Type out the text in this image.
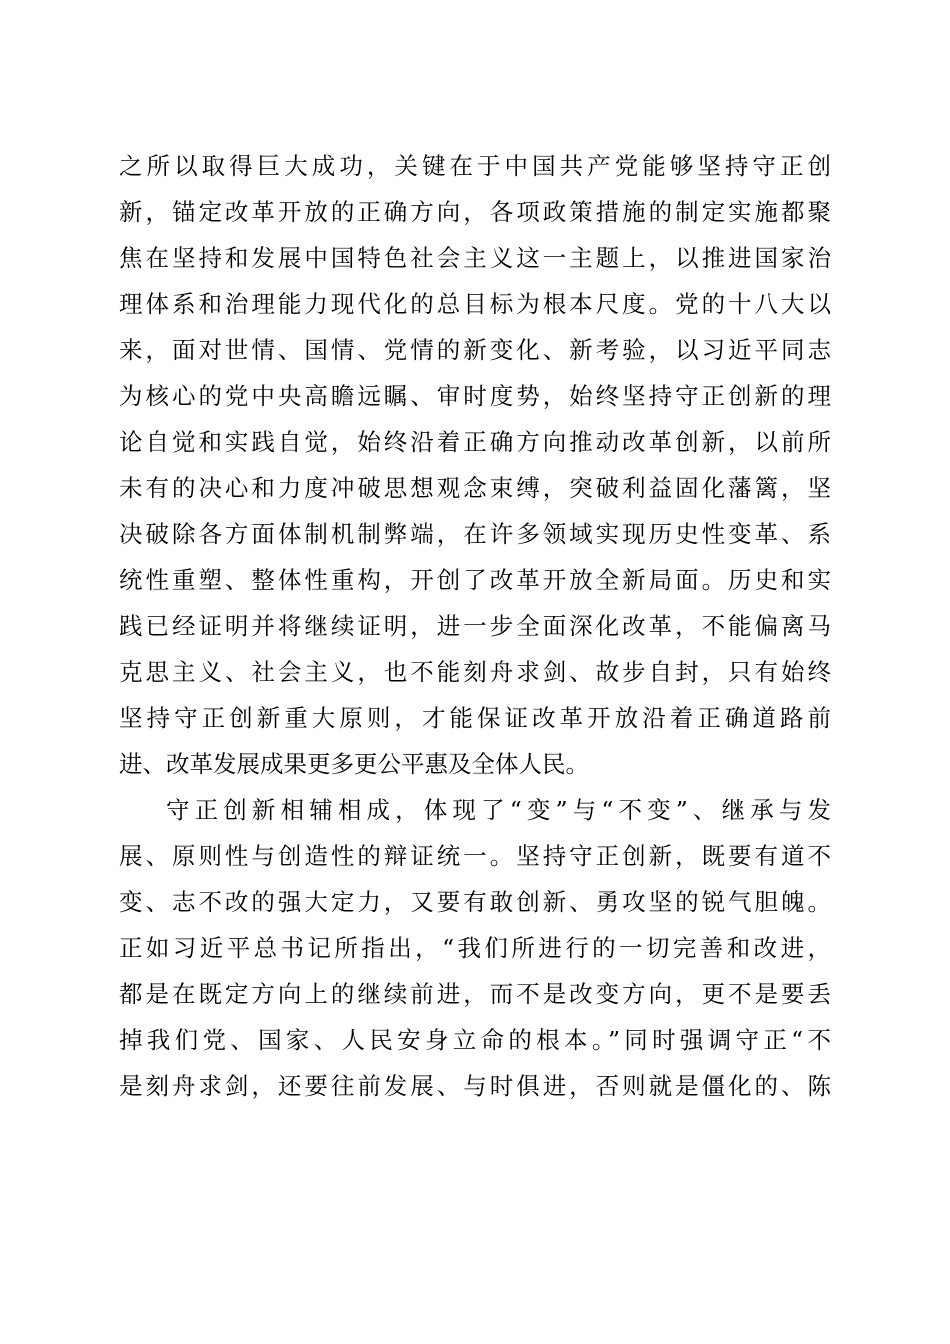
之所以取得巨大成功，关键在于中国共产党能够坚持守正创
新，锚定改革开放的正确方向，各项政策措施的制定实施都聚
焦在坚持和发展中国特色社会主义这一主题上，以推进国家治
理体系和治理能力现代化的总目标为根本尺度。党的十八大以
来，面对世情、国情、党情的新变化、新考验，以习近平同志
为核心的党中央高瞻远瞩、审时度势，始终坚持守正创新的理
论自觉和实践自觉，始终沿着正确方向推动改革创新，以前所
未有的决心和力度冲破思想观念束缚，突破利益固化藩篱，坚
决破除各方面体制机制弊端，在许多领域实现历史性变革、系
统性重塑、整体性重构，开创了改革开放全新局面。历史和实
践已经证明并将继续证明，进一步全面深化改革，不能偏离马
克思主义、社会主义，也不能刻舟求剑、故步自封，只有始终
坚持守正创新重大原则，才能保证改革开放沿着正确道路前
进、改革发展成果更多更公平惠及全体人民。
守正创新相辅相成，体现了“变”与“不变”、继承与发
展、原则性与创造性的辩证统一。坚持守正创新，既要有道不
变、志不改的强大定力，又要有敢创新、勇攻坚的锐气胆魄。
正如习近平总书记所指出，“我们所进行的一切完善和改进，
都是在既定方向上的继续前进，而不是改变方向，更不是要丢
掉我们党、国家、人民安身立命的根本。”同时强调守正“不
是刻舟求剑，还要往前发展、与时俱进，否则就是僵化的、陈
